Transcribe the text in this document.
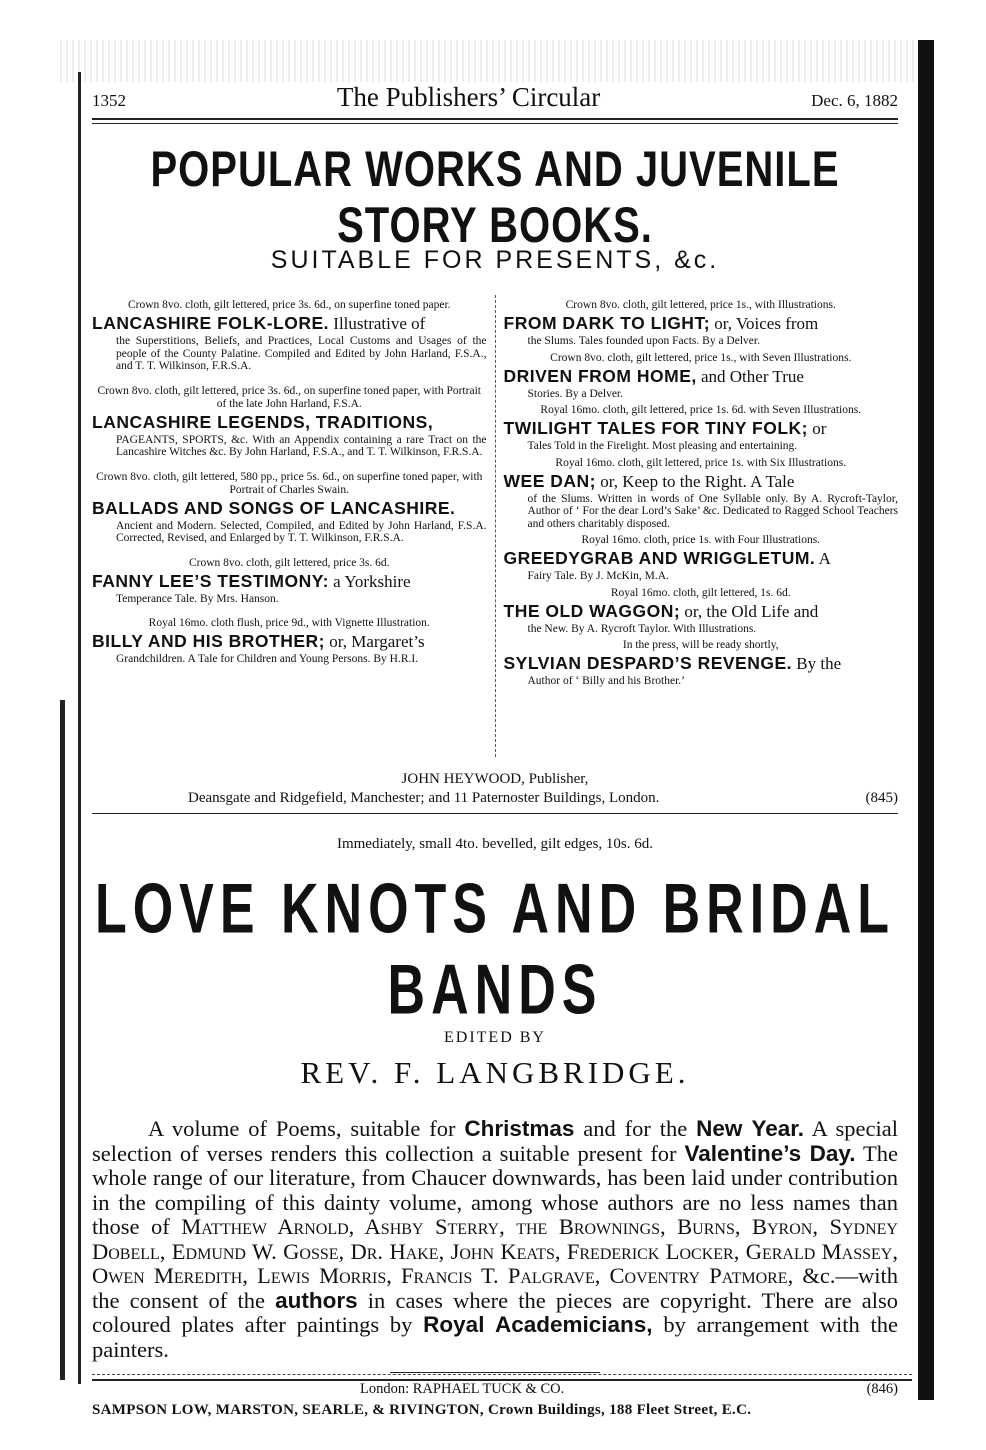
1352	The Publishers’ Circular	Dec. 6, 1882
POPULAR WORKS AND JUVENILE STORY BOOKS.
SUITABLE FOR PRESENTS, &c.
Crown 8vo. cloth, gilt lettered, price 3s. 6d., on superfine toned paper.
LANCASHIRE FOLK-LORE. Illustrative of
the Superstitions, Beliefs, and Practices, Local Customs and Usages of the people of the County Palatine. Compiled and Edited by John Harland, F.S.A., and T. T. Wilkinson, F.R.S.A.
Crown 8vo. cloth, gilt lettered, price 3s. 6d., on superfine toned paper, with Portrait of the late John Harland, F.S.A.
LANCASHIRE LEGENDS, TRADITIONS,
PAGEANTS, SPORTS, &c. With an Appendix containing a rare Tract on the Lancashire Witches &c. By John Harland, F.S.A., and T. T. Wilkinson, F.R.S.A.
Crown 8vo. cloth, gilt lettered, 580 pp., price 5s. 6d., on superfine toned paper, with Portrait of Charles Swain.
BALLADS AND SONGS OF LANCASHIRE.
Ancient and Modern. Selected, Compiled, and Edited by John Harland, F.S.A. Corrected, Revised, and Enlarged by T. T. Wilkinson, F.R.S.A.
Crown 8vo. cloth, gilt lettered, price 3s. 6d.
FANNY LEE’S TESTIMONY: a Yorkshire
Temperance Tale. By Mrs. Hanson.
Royal 16mo. cloth flush, price 9d., with Vignette Illustration.
BILLY AND HIS BROTHER; or, Margaret’s
Grandchildren. A Tale for Children and Young Persons. By H.R.I.
Crown 8vo. cloth, gilt lettered, price 1s., with Illustrations.
FROM DARK TO LIGHT; or, Voices from
the Slums. Tales founded upon Facts. By a Delver.
Crown 8vo. cloth, gilt lettered, price 1s., with Seven Illustrations.
DRIVEN FROM HOME, and Other True
Stories. By a Delver.
Royal 16mo. cloth, gilt lettered, price 1s. 6d. with Seven Illustrations.
TWILIGHT TALES FOR TINY FOLK; or
Tales Told in the Firelight. Most pleasing and entertaining.
Royal 16mo. cloth, gilt lettered, price 1s. with Six Illustrations.
WEE DAN; or, Keep to the Right. A Tale
of the Slums. Written in words of One Syllable only. By A. Rycroft-Taylor, Author of ‘ For the dear Lord’s Sake’ &c. Dedicated to Ragged School Teachers and others charitably disposed.
Royal 16mo. cloth, price 1s. with Four Illustrations.
GREEDYGRAB AND WRIGGLETUM. A
Fairy Tale. By J. McKin, M.A.
Royal 16mo. cloth, gilt lettered, 1s. 6d.
THE OLD WAGGON; or, the Old Life and
the New. By A. Rycroft Taylor. With Illustrations.
In the press, will be ready shortly,
SYLVIAN DESPARD’S REVENGE. By the
Author of ‘ Billy and his Brother.’
JOHN HEYWOOD, Publisher,
Deansgate and Ridgefield, Manchester; and 11 Paternoster Buildings, London.	(845)
Immediately, small 4to. bevelled, gilt edges, 10s. 6d.
LOVE KNOTS AND BRIDAL BANDS
EDITED BY
REV. F. LANGBRIDGE.
A volume of Poems, suitable for Christmas and for the New Year. A special selection of verses renders this collection a suitable present for Valentine’s Day. The whole range of our literature, from Chaucer downwards, has been laid under contribution in the compiling of this dainty volume, among whose authors are no less names than those of Matthew Arnold, Ashby Sterry, the Brownings, Burns, Byron, Sydney Dobell, Edmund W. Gosse, Dr. Hake, John Keats, Frederick Locker, Gerald Massey, Owen Meredith, Lewis Morris, Francis T. Palgrave, Coventry Patmore, &c.—with the consent of the authors in cases where the pieces are copyright. There are also coloured plates after paintings by Royal Academicians, by arrangement with the painters.
London: RAPHAEL TUCK & CO.	(846)
SAMPSON LOW, MARSTON, SEARLE, & RIVINGTON, Crown Buildings, 188 Fleet Street, E.C.
